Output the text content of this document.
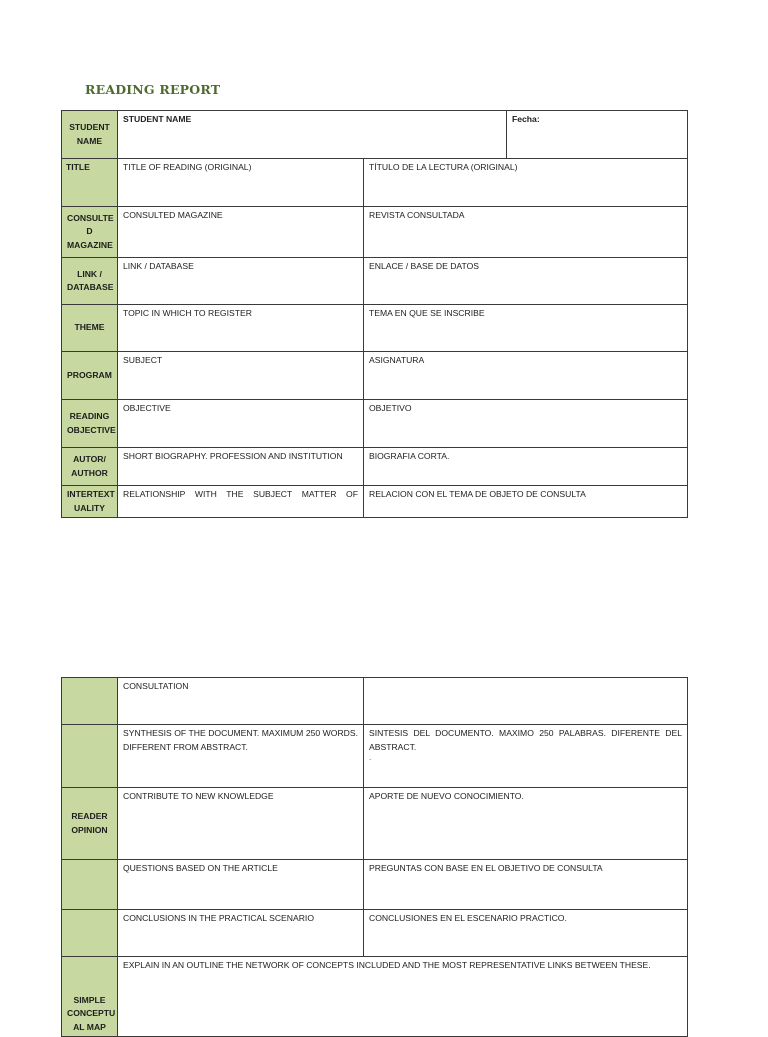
READING REPORT
STUDENT NAME	STUDENT NAME		Fecha:
TITLE	TITLE OF READING (ORIGINAL)	TÍTULO DE LA LECTURA (ORIGINAL)	
CONSULTE D MAGAZINE	CONSULTED MAGAZINE	REVISTA CONSULTADA	
LINK / DATABASE	LINK / DATABASE	ENLACE / BASE DE DATOS	
THEME	TOPIC IN WHICH TO REGISTER	TEMA EN QUE SE INSCRIBE	
PROGRAM	SUBJECT	ASIGNATURA	
READING OBJECTIVE	OBJECTIVE	OBJETIVO	
AUTOR/ AUTHOR	SHORT BIOGRAPHY. PROFESSION AND INSTITUTION	BIOGRAFIA CORTA.	
INTERTEXT UALITY	RELATIONSHIP WITH THE SUBJECT MATTER OF	RELACION CON EL TEMA DE OBJETO DE CONSULTA	
	CONSULTATION	
	SYNTHESIS OF THE DOCUMENT. MAXIMUM 250 WORDS. DIFFERENT FROM ABSTRACT.	SINTESIS DEL DOCUMENTO. MAXIMO 250 PALABRAS. DIFERENTE DEL ABSTRACT.
.

READER OPINION	CONTRIBUTE TO NEW KNOWLEDGE	APORTE DE NUEVO CONOCIMIENTO.
	QUESTIONS BASED ON THE ARTICLE	PREGUNTAS CON BASE EN EL OBJETIVO DE CONSULTA
	CONCLUSIONS IN THE PRACTICAL SCENARIO	CONCLUSIONES EN EL ESCENARIO PRACTICO.
SIMPLE CONCEPTU AL MAP	EXPLAIN IN AN OUTLINE THE NETWORK OF CONCEPTS INCLUDED AND THE MOST REPRESENTATIVE LINKS BETWEEN THESE.	
